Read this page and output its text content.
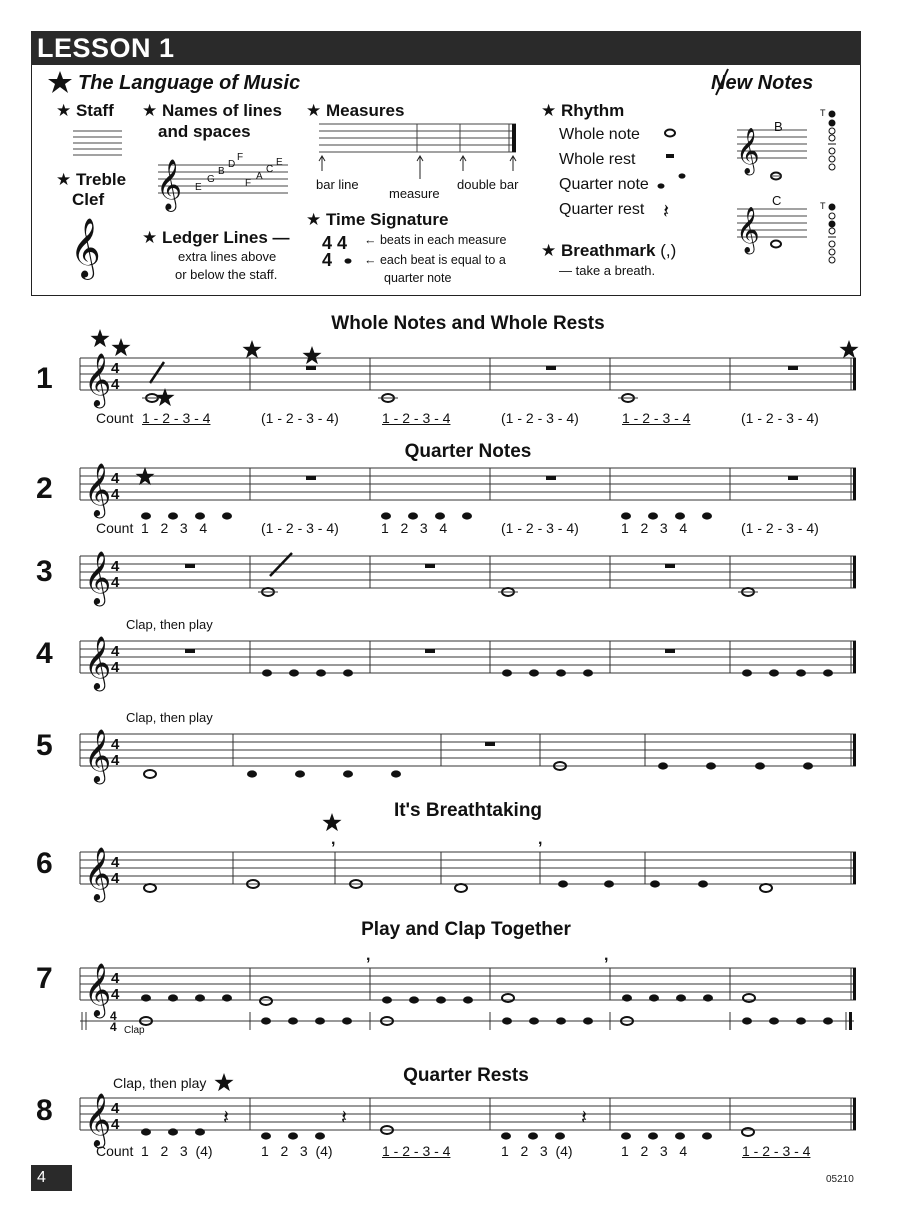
LESSON 1
𝄞
𝄞
4 4
4
𝄽
𝄞
𝄞
The Language of Music	New Notes
★ Staff
★ Treble
Clef
★ Names of lines
and spaces
E
G
B
D
F
F
A
C
E
★ Ledger Lines —
extra lines above
or below the staff.
★ Measures
bar line
measure
double bar
★ Time Signature
← beats in each measure
← each beat is equal to a
quarter note
★ Rhythm
Whole note
Whole rest
Quarter note
Quarter rest
★ Breathmark (,)
— take a breath.
B
C
T
T
𝄞 4
4
𝄞 4
4
𝄞 4
4
𝄞 4
4
𝄞 4
4
𝄞 4
4
,	,
𝄞 4
4
,	,
4
4
𝄞 4
4	𝄽	𝄽	𝄽
Whole Notes and Whole Rests
Quarter Notes
It's Breathtaking
Play and Clap Together
Quarter Rests
1
2
3
4
5
6
7
8
Clap, then play
Clap, then play
Clap, then play
Clap
Count 1 - 2 - 3 - 4	(1 - 2 - 3 - 4)	1 - 2 - 3 - 4	(1 - 2 - 3 - 4)	1 - 2 - 3 - 4	(1 - 2 - 3 - 4)
Count 1   2   3   4	(1 - 2 - 3 - 4)	1   2   3   4	(1 - 2 - 3 - 4)	1   2   3   4	(1 - 2 - 3 - 4)
Count 1   2   3  (4)	1   2   3  (4)	1 - 2 - 3 - 4	1   2   3  (4)	1   2   3   4	1 - 2 - 3 - 4
4	05210
